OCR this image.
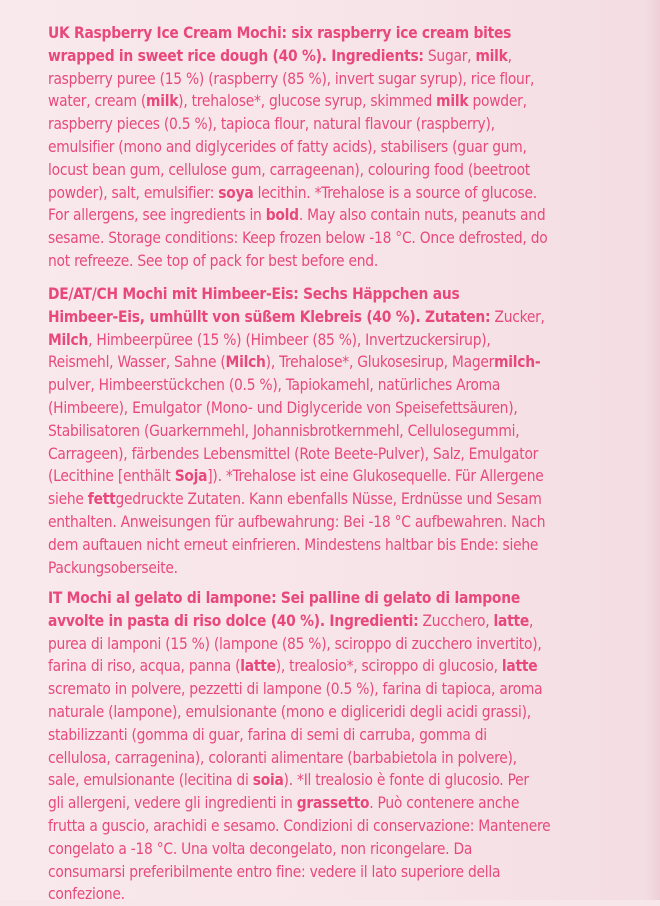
UK Raspberry Ice Cream Mochi: six raspberry ice cream bites
wrapped in sweet rice dough (40 %). Ingredients: Sugar, milk,
raspberry puree (15 %) (raspberry (85 %), invert sugar syrup), rice flour,
water, cream (milk), trehalose*, glucose syrup, skimmed milk powder,
raspberry pieces (0.5 %), tapioca flour, natural flavour (raspberry),
emulsifier (mono and diglycerides of fatty acids), stabilisers (guar gum,
locust bean gum, cellulose gum, carrageenan), colouring food (beetroot
powder), salt, emulsifier: soya lecithin. *Trehalose is a source of glucose.
For allergens, see ingredients in bold. May also contain nuts, peanuts and
sesame. Storage conditions: Keep frozen below -18 °C. Once defrosted, do
not refreeze. See top of pack for best before end.
DE/AT/CH Mochi mit Himbeer-Eis: Sechs Häppchen aus
Himbeer-Eis, umhüllt von süßem Klebreis (40 %). Zutaten: Zucker,
Milch, Himbeerpüree (15 %) (Himbeer (85 %), Invertzuckersirup),
Reismehl, Wasser, Sahne (Milch), Trehalose*, Glukosesirup, Magermilch-
pulver, Himbeerstückchen (0.5 %), Tapiokamehl, natürliches Aroma
(Himbeere), Emulgator (Mono- und Diglyceride von Speisefettsäuren),
Stabilisatoren (Guarkernmehl, Johannisbrotkernmehl, Cellulosegummi,
Carrageen), färbendes Lebensmittel (Rote Beete-Pulver), Salz, Emulgator
(Lecithine [enthält Soja]). *Trehalose ist eine Glukosequelle. Für Allergene
siehe fettgedruckte Zutaten. Kann ebenfalls Nüsse, Erdnüsse und Sesam
enthalten. Anweisungen für aufbewahrung: Bei -18 °C aufbewahren. Nach
dem auftauen nicht erneut einfrieren. Mindestens haltbar bis Ende: siehe
Packungsoberseite.
IT Mochi al gelato di lampone: Sei palline di gelato di lampone
avvolte in pasta di riso dolce (40 %). Ingredienti: Zucchero, latte,
purea di lamponi (15 %) (lampone (85 %), sciroppo di zucchero invertito),
farina di riso, acqua, panna (latte), trealosio*, sciroppo di glucosio, latte
scremato in polvere, pezzetti di lampone (0.5 %), farina di tapioca, aroma
naturale (lampone), emulsionante (mono e digliceridi degli acidi grassi),
stabilizzanti (gomma di guar, farina di semi di carruba, gomma di
cellulosa, carragenina), coloranti alimentare (barbabietola in polvere),
sale, emulsionante (lecitina di soia). *Il trealosio è fonte di glucosio. Per
gli allergeni, vedere gli ingredienti in grassetto. Può contenere anche
frutta a guscio, arachidi e sesamo. Condizioni di conservazione: Mantenere
congelato a -18 °C. Una volta decongelato, non ricongelare. Da
consumarsi preferibilmente entro fine: vedere il lato superiore della
confezione.
